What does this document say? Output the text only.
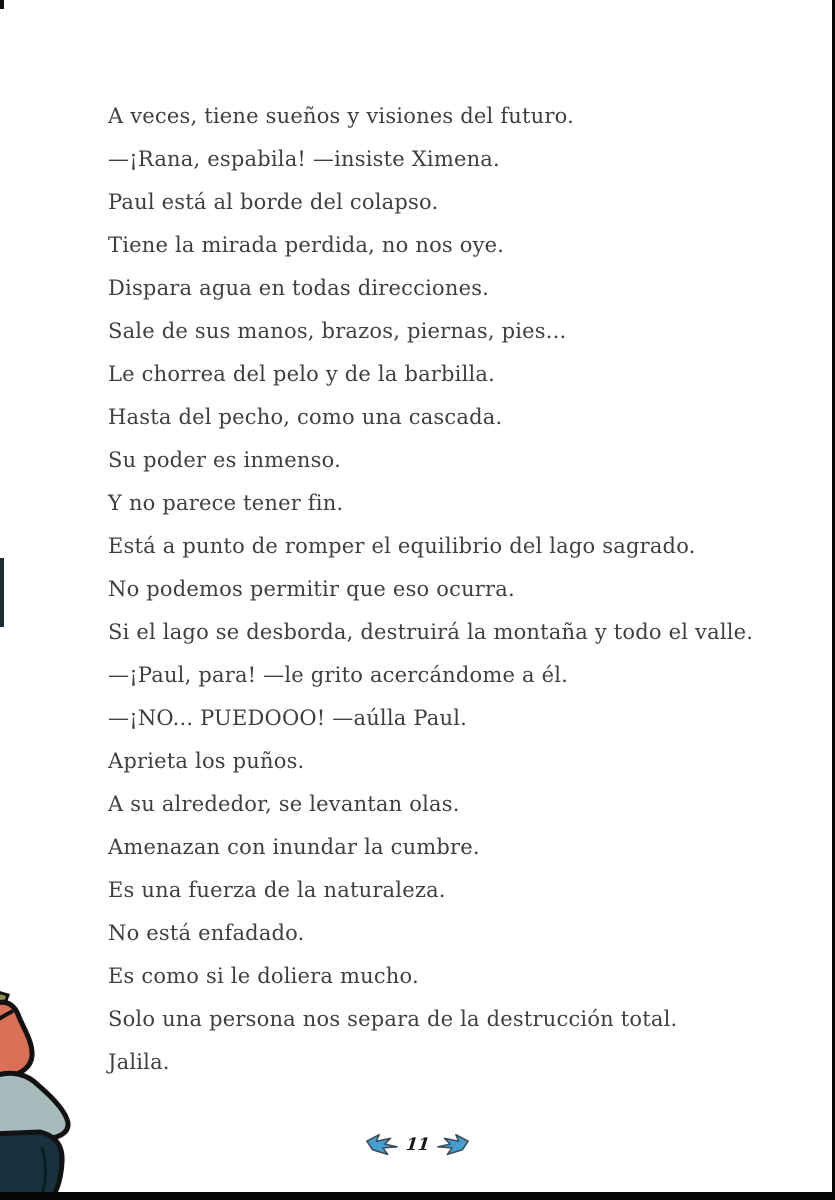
A veces, tiene sueños y visiones del futuro.

—¡Rana, espabila! —insiste Ximena.

Paul está al borde del colapso.

Tiene la mirada perdida, no nos oye.

Dispara agua en todas direcciones.

Sale de sus manos, brazos, piernas, pies...

Le chorrea del pelo y de la barbilla.

Hasta del pecho, como una cascada.

Su poder es inmenso.

Y no parece tener fin.

Está a punto de romper el equilibrio del lago sagrado.

No podemos permitir que eso ocurra.

Si el lago se desborda, destruirá la montaña y todo el valle.

—¡Paul, para! —le grito acercándome a él.

—¡NO... PUEDOOO! —aúlla Paul.

Aprieta los puños.

A su alrededor, se levantan olas.

Amenazan con inundar la cumbre.

Es una fuerza de la naturaleza.

No está enfadado.

Es como si le doliera mucho.

Solo una persona nos separa de la destrucción total.

Jalila.

11
